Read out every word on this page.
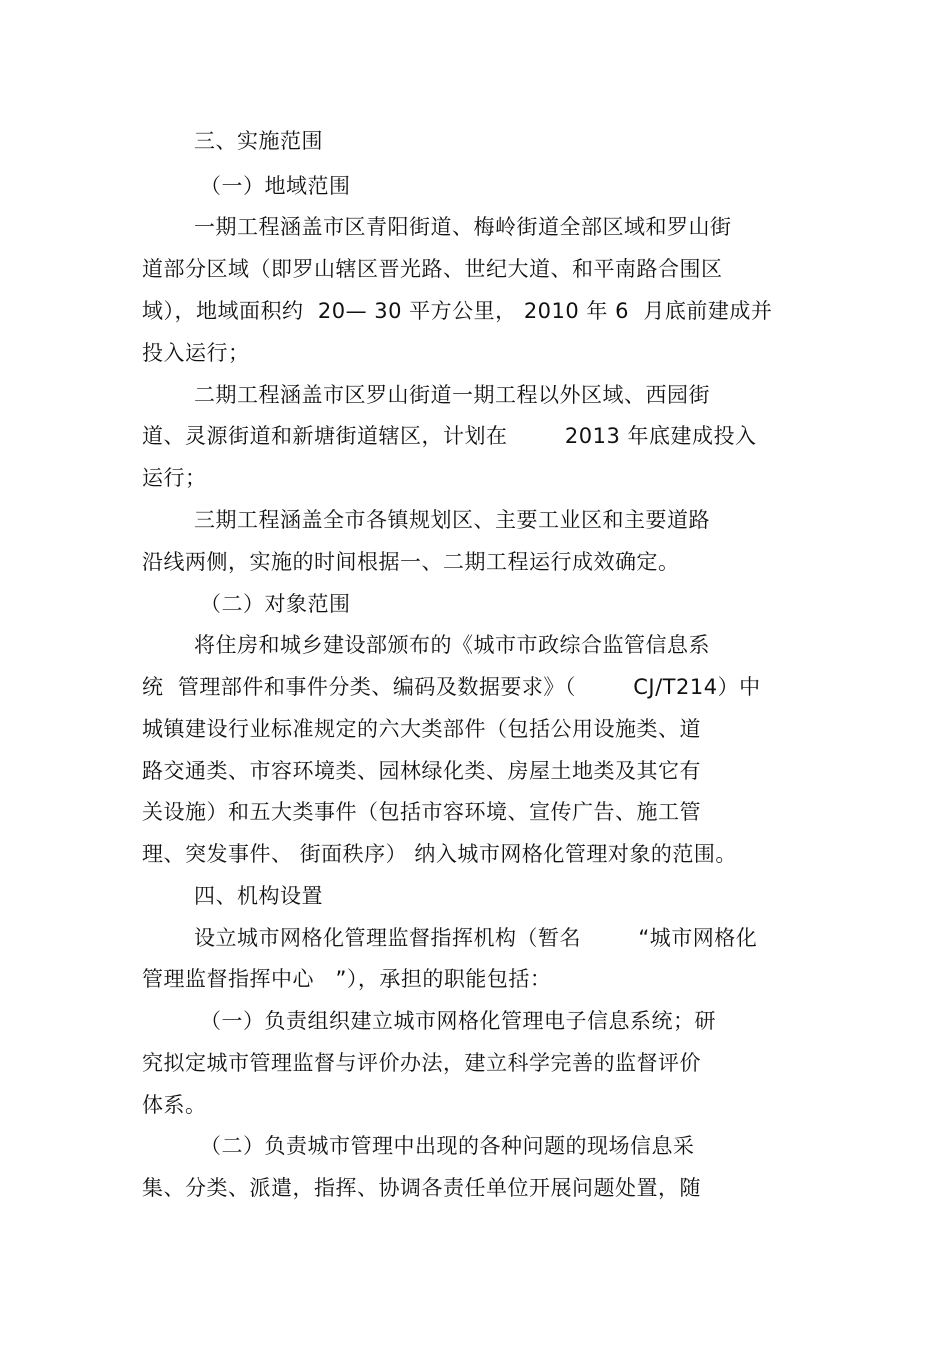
三、实施范围
（一）地域范围
一期工程涵盖市区青阳街道、梅岭街道全部区域和罗山街
道部分区域（即罗山辖区晋光路、世纪大道、和平南路合围区
域），地域面积约  20— 30 平方公里， 2010 年 6  月底前建成并
投入运行；
二期工程涵盖市区罗山街道一期工程以外区域、西园街
道、灵源街道和新塘街道辖区，计划在        2013 年底建成投入
运行；
三期工程涵盖全市各镇规划区、主要工业区和主要道路
沿线两侧，实施的时间根据一、二期工程运行成效确定。
（二）对象范围
将住房和城乡建设部颁布的《城市市政综合监管信息系
统  管理部件和事件分类、编码及数据要求》（        CJ/T214）中
城镇建设行业标准规定的六大类部件（包括公用设施类、道
路交通类、市容环境类、园林绿化类、房屋土地类及其它有
关设施）和五大类事件（包括市容环境、宣传广告、施工管
理、突发事件、 街面秩序） 纳入城市网格化管理对象的范围。
四、机构设置
设立城市网格化管理监督指挥机构（暂名        “城市网格化
管理监督指挥中心   ”），承担的职能包括：
（一）负责组织建立城市网格化管理电子信息系统；研
究拟定城市管理监督与评价办法，建立科学完善的监督评价
体系。
（二）负责城市管理中出现的各种问题的现场信息采
集、分类、派遣，指挥、协调各责任单位开展问题处置，随
